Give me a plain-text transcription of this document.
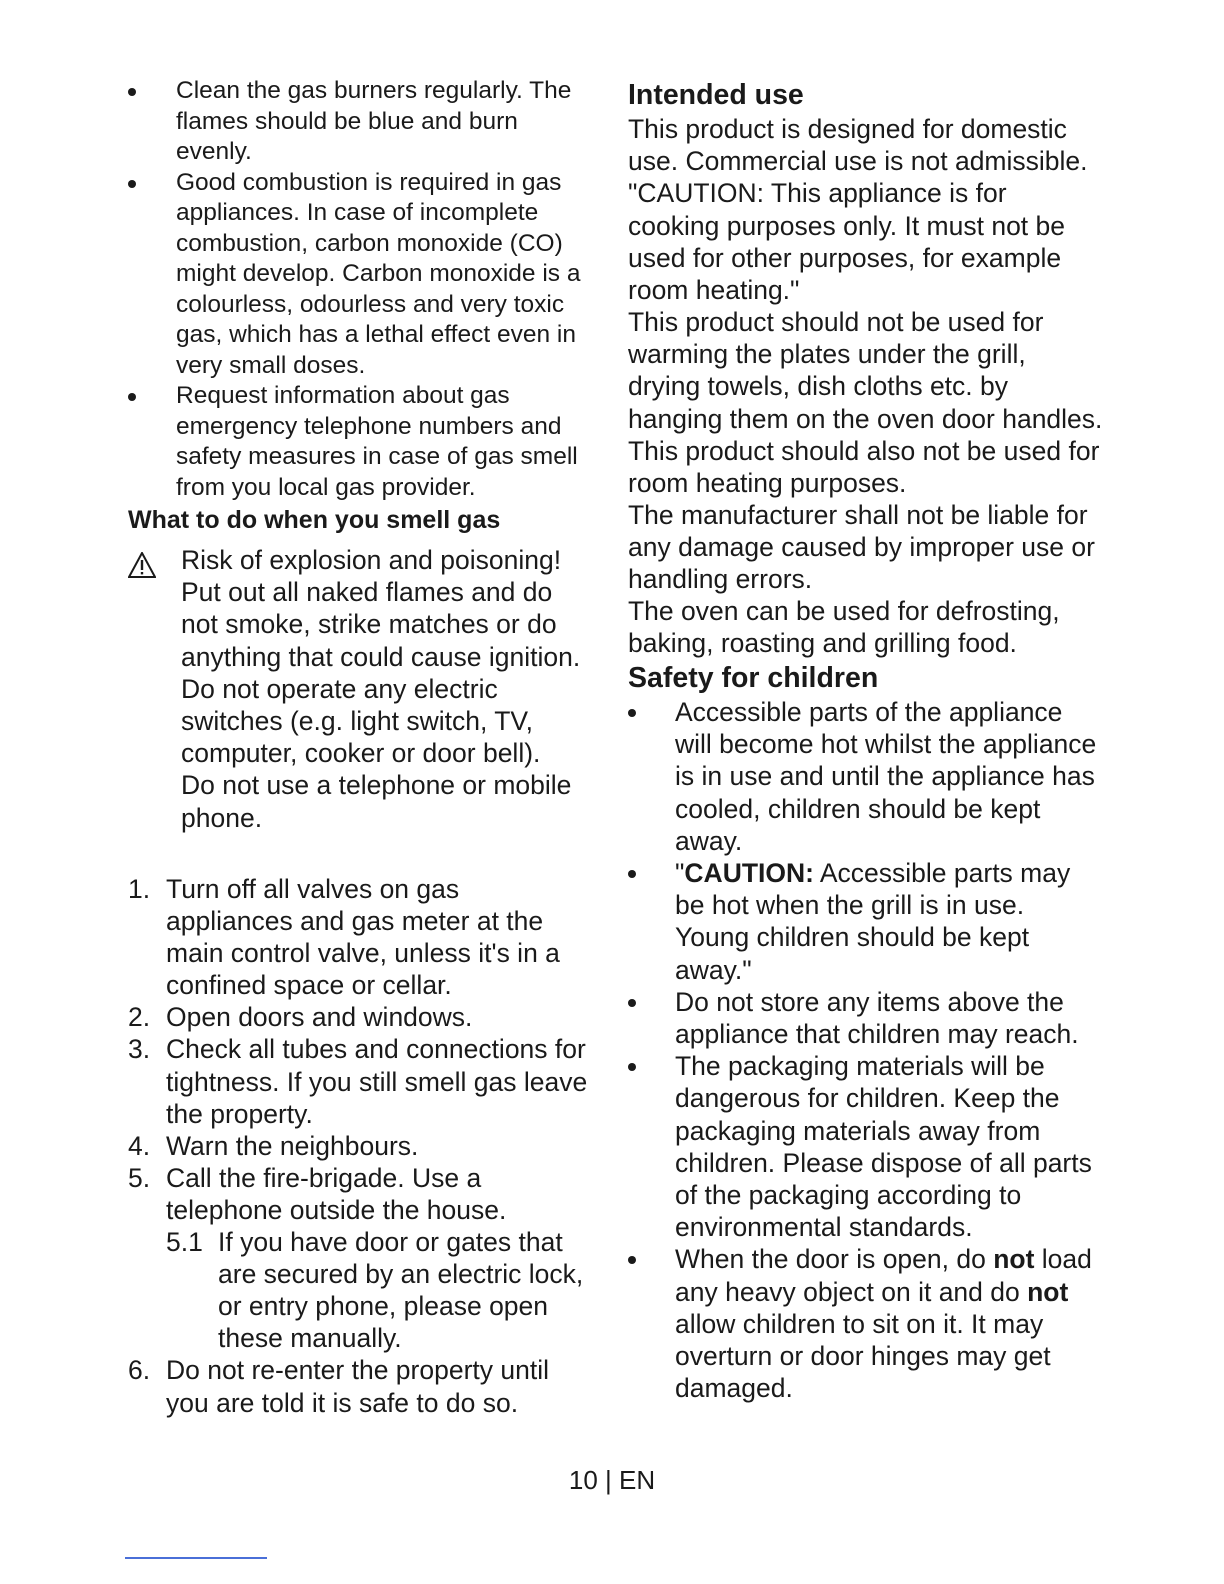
Clean the gas burners regularly. The flames should be blue and burn evenly.
Good combustion is required in gas appliances. In case of incomplete combustion, carbon monoxide (CO) might develop. Carbon monoxide is a colourless, odourless and very toxic gas, which has a lethal effect even in very small doses.
Request information about gas emergency telephone numbers and safety measures in case of gas smell from you local gas provider.
What to do when you smell gas

Risk of explosion and poisoning! Put out all naked flames and do not smoke, strike matches or do anything that could cause ignition.

Do not operate any electric switches (e.g. light switch, TV, computer, cooker or door bell).

Do not use a telephone or mobile phone.

1. Turn off all valves on gas appliances and gas meter at the main control valve, unless it's in a confined space or cellar.
2. Open doors and windows.
3. Check all tubes and connections for tightness. If you still smell gas leave the property.
4. Warn the neighbours.
5. Call the fire-brigade. Use a telephone outside the house.
5.1 If you have door or gates that are secured by an electric lock, or entry phone, please open these manually.
6. Do not re-enter the property until you are told it is safe to do so.
Intended use

This product is designed for domestic use. Commercial use is not admissible. "CAUTION: This appliance is for cooking purposes only. It must not be used for other purposes, for example room heating."

This product should not be used for warming the plates under the grill, drying towels, dish cloths etc. by hanging them on the oven door handles. This product should also not be used for room heating purposes.

The manufacturer shall not be liable for any damage caused by improper use or handling errors.

The oven can be used for defrosting, baking, roasting and grilling food.

Safety for children
Accessible parts of the appliance will become hot whilst the appliance is in use and until the appliance has cooled, children should be kept away.
"CAUTION: Accessible parts may be hot when the grill is in use. Young children should be kept away."
Do not store any items above the appliance that children may reach.
The packaging materials will be dangerous for children. Keep the packaging materials away from children. Please dispose of all parts of the packaging according to environmental standards.
When the door is open, do not load any heavy object on it and do not allow children to sit on it. It may overturn or door hinges may get damaged.
10 | EN
